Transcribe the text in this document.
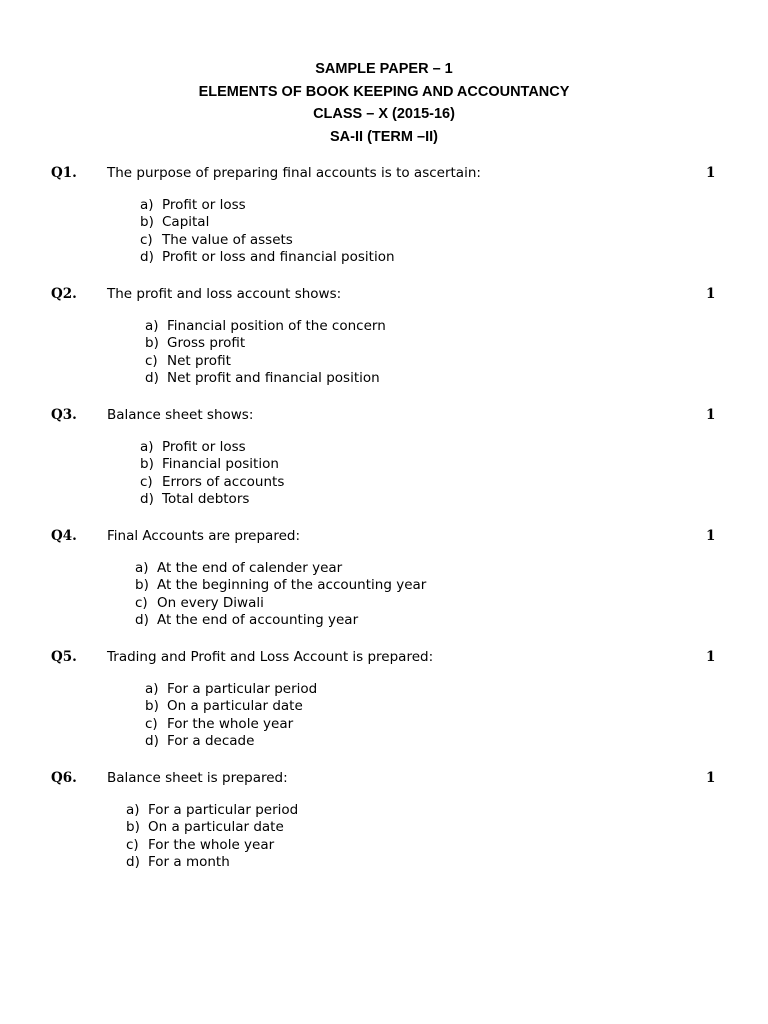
SAMPLE PAPER – 1
ELEMENTS OF BOOK KEEPING AND ACCOUNTANCY
CLASS – X (2015-16)
SA-II (TERM –II)
Q1. The purpose of preparing final accounts is to ascertain:	1
a) Profit or loss
b) Capital
c) The value of assets
d) Profit or loss and financial position
Q2. The profit and loss account shows:	1
a) Financial position of the concern
b) Gross profit
c) Net profit
d) Net profit and financial position
Q3. Balance sheet shows:	1
a) Profit or loss
b) Financial position
c) Errors of accounts
d) Total debtors
Q4. Final Accounts are prepared:	1
a) At the end of calender year
b) At the beginning of the accounting year
c) On every Diwali
d) At the end of accounting year
Q5. Trading and Profit and Loss Account is prepared:	1
a) For a particular period
b) On a particular date
c) For the whole year
d) For a decade
Q6. Balance sheet is prepared:	1
a) For a particular period
b) On a particular date
c) For the whole year
d) For a month
